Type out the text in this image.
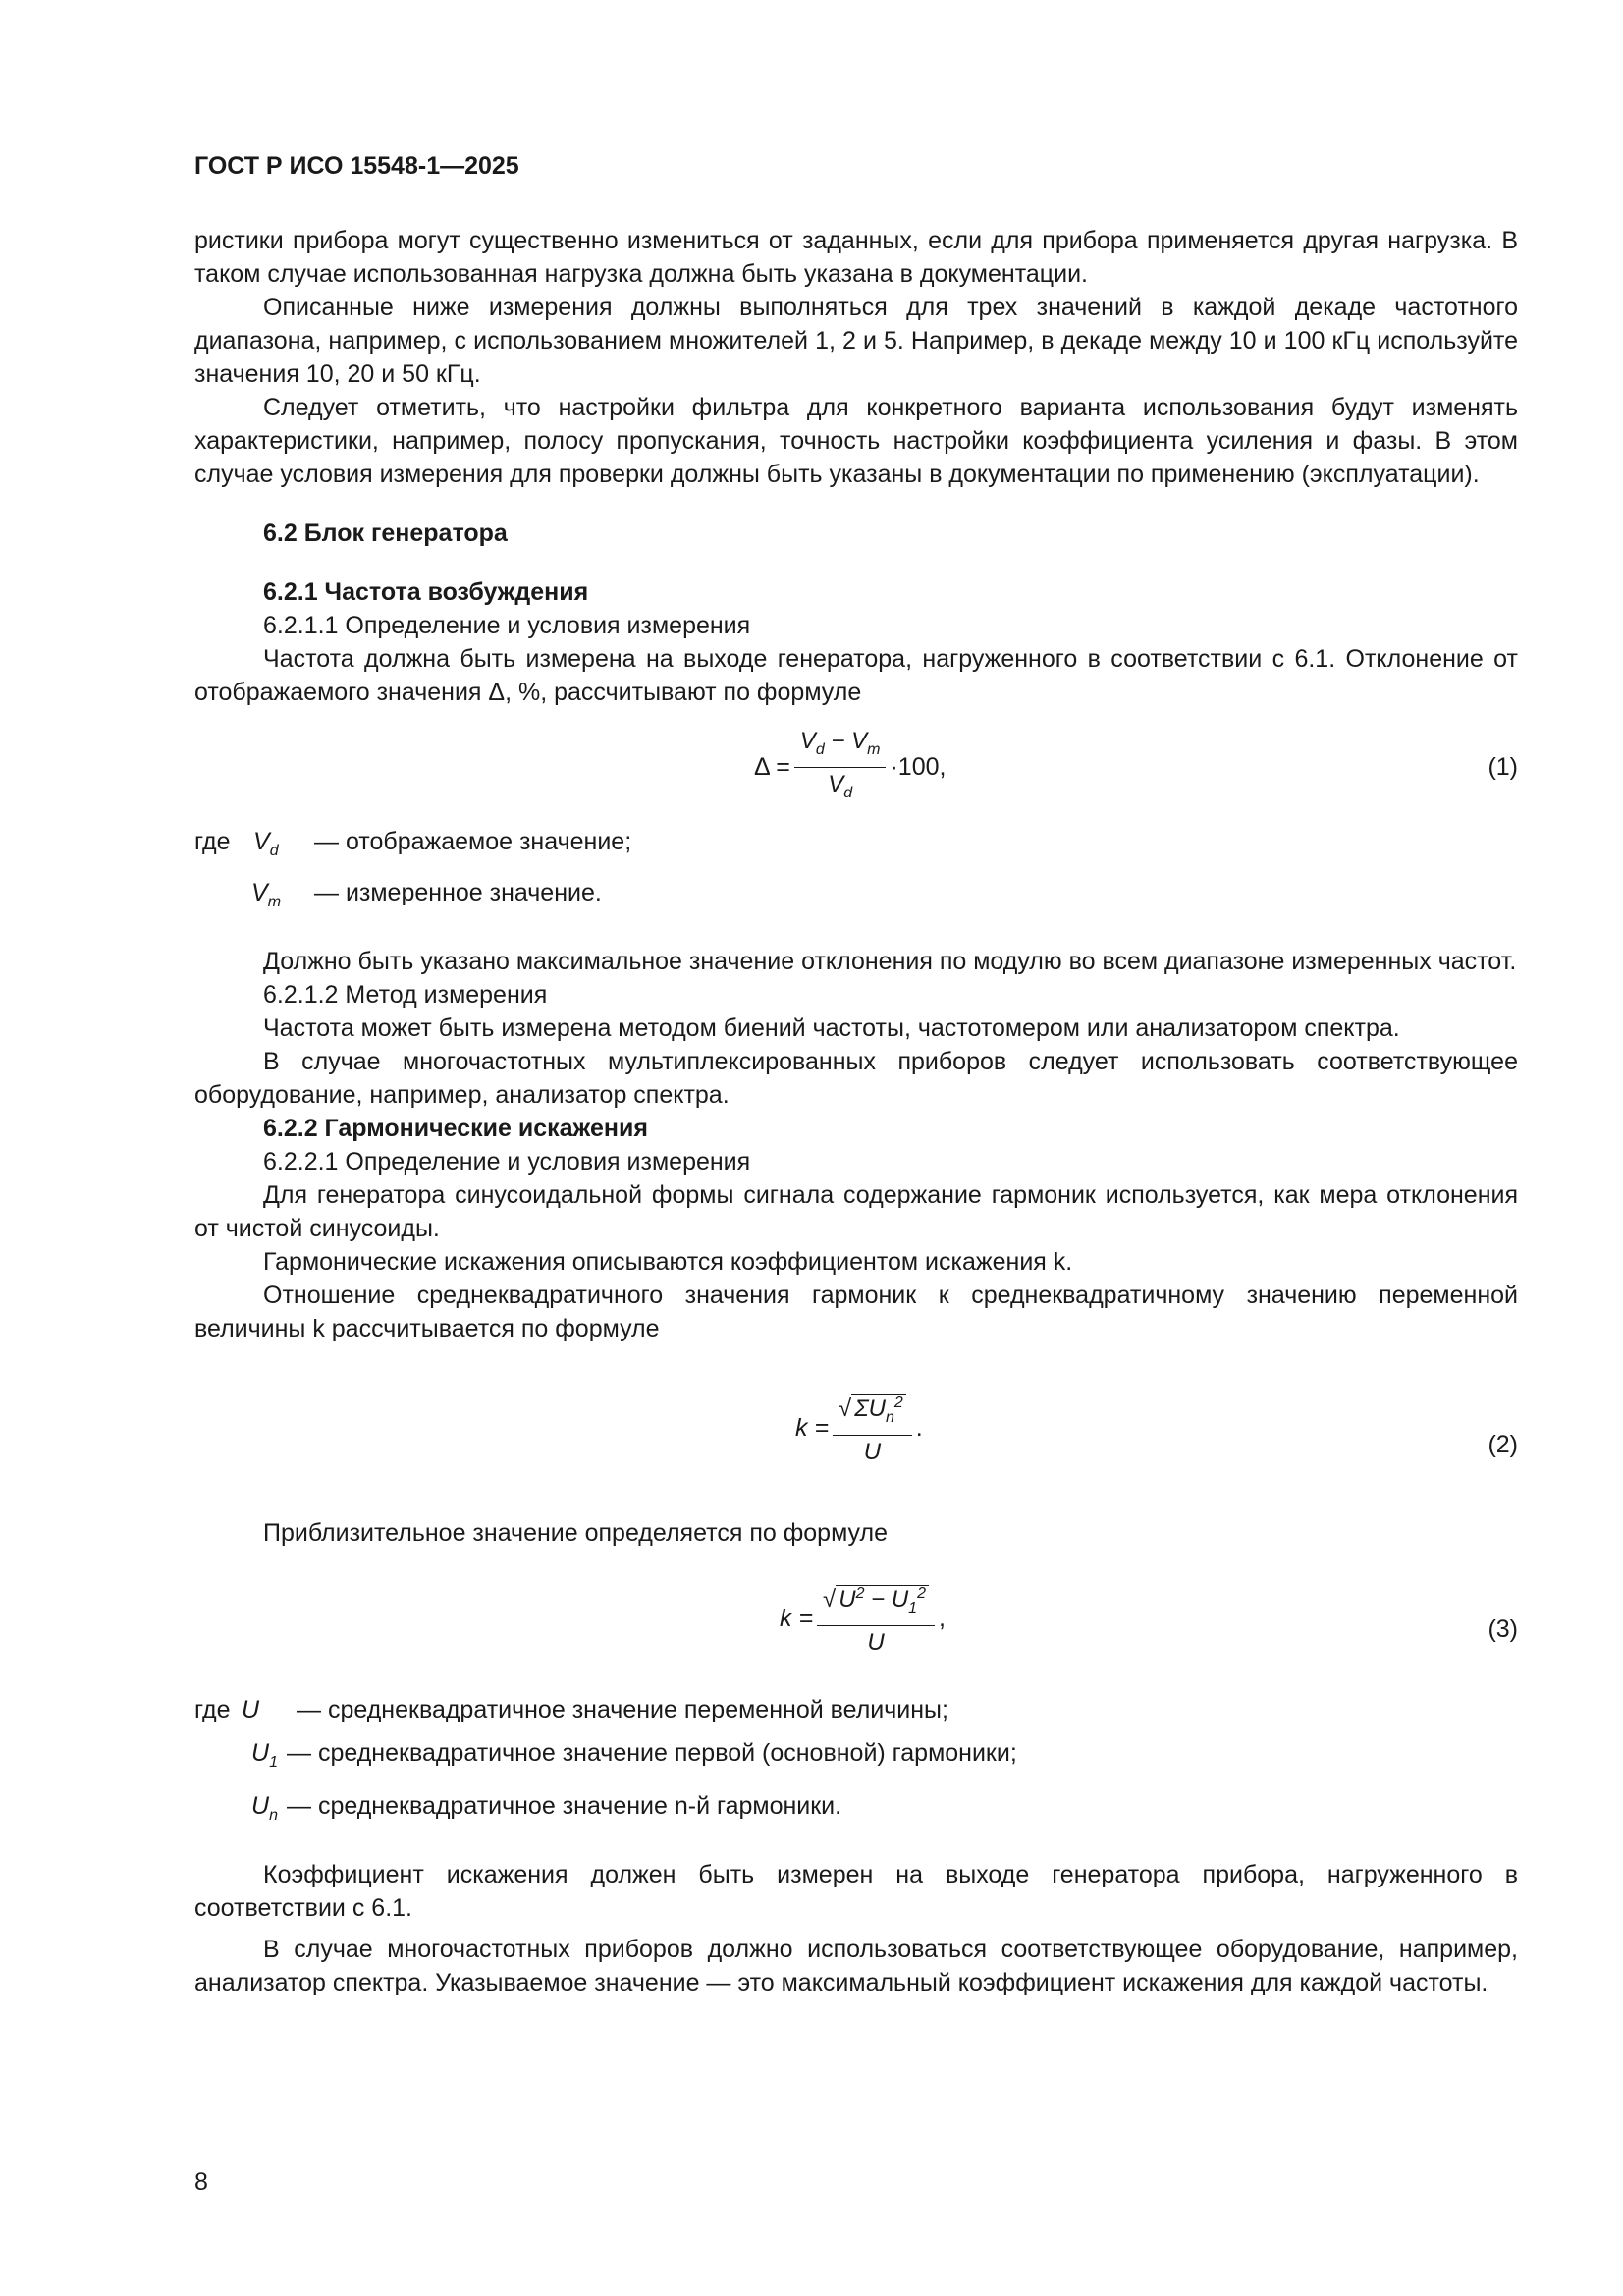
ГОСТ Р ИСО 15548-1—2025

ристики прибора могут существенно измениться от заданных, если для прибора применяется другая нагрузка. В таком случае использованная нагрузка должна быть указана в документации.

Описанные ниже измерения должны выполняться для трех значений в каждой декаде частотного диапазона, например, с использованием множителей 1, 2 и 5. Например, в декаде между 10 и 100 кГц используйте значения 10, 20 и 50 кГц.

Следует отметить, что настройки фильтра для конкретного варианта использования будут изменять характеристики, например, полосу пропускания, точность настройки коэффициента усиления и фазы. В этом случае условия измерения для проверки должны быть указаны в документации по применению (эксплуатации).

6.2 Блок генератора

6.2.1 Частота возбуждения

6.2.1.1 Определение и условия измерения

Частота должна быть измерена на выходе генератора, нагруженного в соответствии с 6.1. Отклонение от отображаемого значения Δ, %, рассчитывают по формуле

$\Delta = \frac{V_d - V_m}{V_d} \cdot 100$,	(1)
где $V_d$	— отображаемое значение;
$V_m$	— измеренное значение.

Должно быть указано максимальное значение отклонения по модулю во всем диапазоне измеренных частот.

6.2.1.2 Метод измерения

Частота может быть измерена методом биений частоты, частотомером или анализатором спектра.

В случае многочастотных мультиплексированных приборов следует использовать соответствующее оборудование, например, анализатор спектра.

6.2.2 Гармонические искажения

6.2.2.1 Определение и условия измерения

Для генератора синусоидальной формы сигнала содержание гармоник используется, как мера отклонения от чистой синусоиды.

Гармонические искажения описываются коэффициентом искажения k.

Отношение среднеквадратичного значения гармоник к среднеквадратичному значению переменной величины k рассчитывается по формуле

$k = \frac{√ \Sigma U_n^2}{U}$ .
(2)

Приблизительное значение определяется по формуле

$k = \frac{√ U^2 - U_1^2}{U}$ ,	(3)
где U	— среднеквадратичное значение переменной величины;
$U_1$ — среднеквадратичное значение первой (основной) гармоники;
$U_n$ — среднеквадратичное значение n-й гармоники.

Коэффициент искажения должен быть измерен на выходе генератора прибора, нагруженного в соответствии с 6.1.

В случае многочастотных приборов должно использоваться соответствующее оборудование, например, анализатор спектра. Указываемое значение — это максимальный коэффициент искажения для каждой частоты.

8
